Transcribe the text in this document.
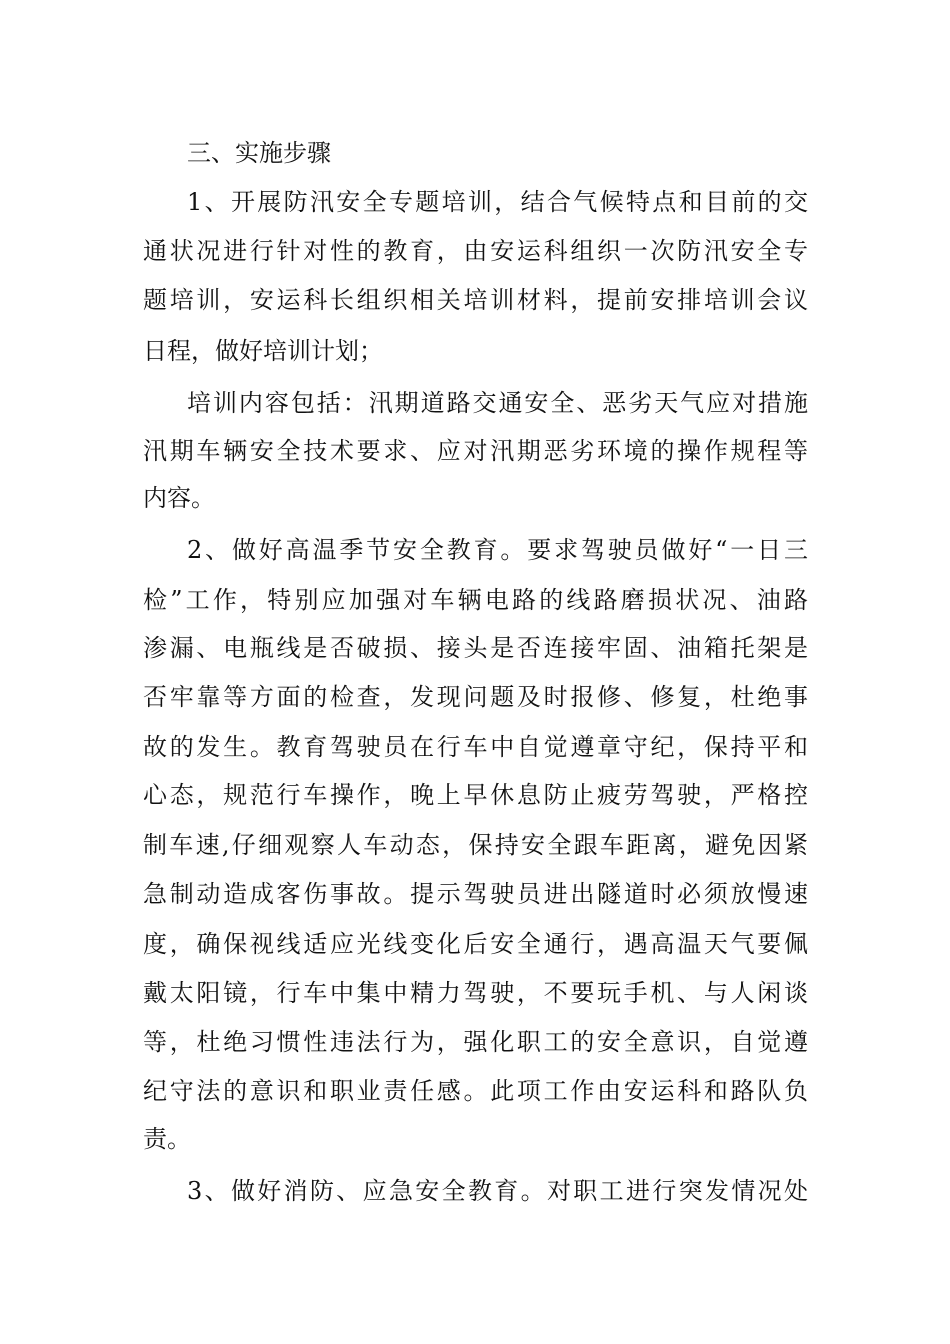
三、实施步骤
1、开展防汛安全专题培训，结合气候特点和目前的交
通状况进行针对性的教育，由安运科组织一次防汛安全专
题培训，安运科长组织相关培训材料，提前安排培训会议
日程，做好培训计划；
培训内容包括：汛期道路交通安全、恶劣天气应对措施
汛期车辆安全技术要求、应对汛期恶劣环境的操作规程等
内容。
2、做好高温季节安全教育。要求驾驶员做好“一日三
检”工作，特别应加强对车辆电路的线路磨损状况、油路
渗漏、电瓶线是否破损、接头是否连接牢固、油箱托架是
否牢靠等方面的检查，发现问题及时报修、修复，杜绝事
故的发生。教育驾驶员在行车中自觉遵章守纪，保持平和
心态，规范行车操作，晚上早休息防止疲劳驾驶，严格控
制车速,仔细观察人车动态，保持安全跟车距离，避免因紧
急制动造成客伤事故。提示驾驶员进出隧道时必须放慢速
度，确保视线适应光线变化后安全通行，遇高温天气要佩
戴太阳镜，行车中集中精力驾驶，不要玩手机、与人闲谈
等，杜绝习惯性违法行为，强化职工的安全意识，自觉遵
纪守法的意识和职业责任感。此项工作由安运科和路队负
责。
3、做好消防、应急安全教育。对职工进行突发情况处
